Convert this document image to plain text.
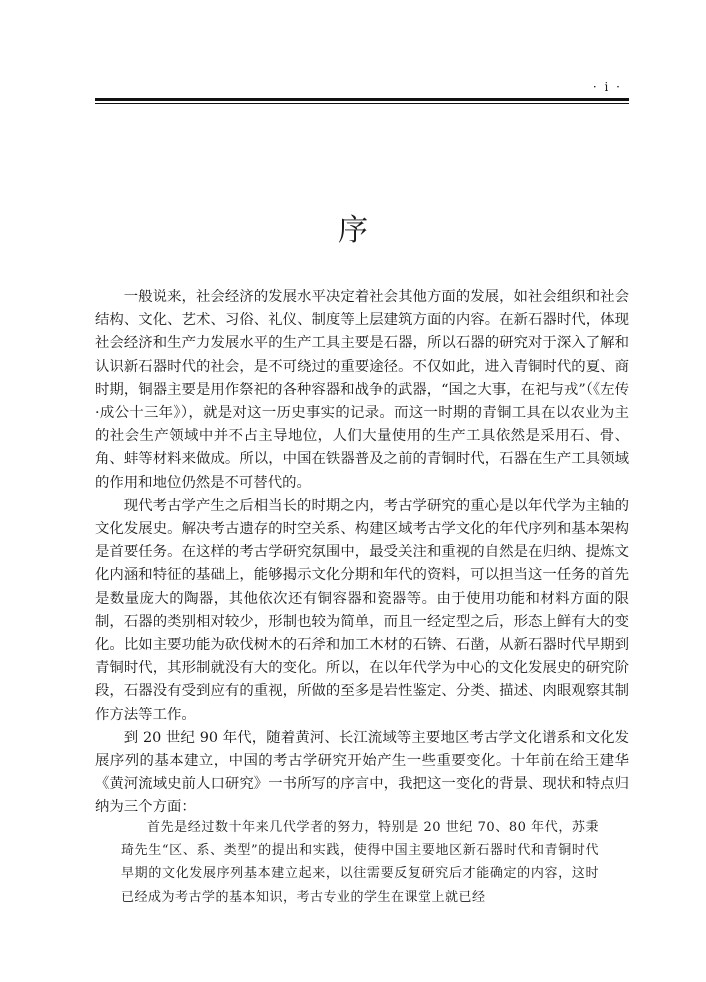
· i ·
序

一般说来，社会经济的发展水平决定着社会其他方面的发展，如社会组织和社会结构、文化、艺术、习俗、礼仪、制度等上层建筑方面的内容。在新石器时代，体现社会经济和生产力发展水平的生产工具主要是石器，所以石器的研究对于深入了解和认识新石器时代的社会，是不可绕过的重要途径。不仅如此，进入青铜时代的夏、商时期，铜器主要是用作祭祀的各种容器和战争的武器，“国之大事，在祀与戎”（《左传·成公十三年》），就是对这一历史事实的记录。而这一时期的青铜工具在以农业为主的社会生产领域中并不占主导地位，人们大量使用的生产工具依然是采用石、骨、角、蚌等材料来做成。所以，中国在铁器普及之前的青铜时代，石器在生产工具领域的作用和地位仍然是不可替代的。

现代考古学产生之后相当长的时期之内，考古学研究的重心是以年代学为主轴的文化发展史。解决考古遗存的时空关系、构建区域考古学文化的年代序列和基本架构是首要任务。在这样的考古学研究氛围中，最受关注和重视的自然是在归纳、提炼文化内涵和特征的基础上，能够揭示文化分期和年代的资料，可以担当这一任务的首先是数量庞大的陶器，其他依次还有铜容器和瓷器等。由于使用功能和材料方面的限制，石器的类别相对较少，形制也较为简单，而且一经定型之后，形态上鲜有大的变化。比如主要功能为砍伐树木的石斧和加工木材的石锛、石凿，从新石器时代早期到青铜时代，其形制就没有大的变化。所以，在以年代学为中心的文化发展史的研究阶段，石器没有受到应有的重视，所做的至多是岩性鉴定、分类、描述、肉眼观察其制作方法等工作。

到 20 世纪 90 年代，随着黄河、长江流域等主要地区考古学文化谱系和文化发展序列的基本建立，中国的考古学研究开始产生一些重要变化。十年前在给王建华《黄河流域史前人口研究》一书所写的序言中，我把这一变化的背景、现状和特点归纳为三个方面：

首先是经过数十年来几代学者的努力，特别是 20 世纪 70、80 年代，苏秉琦先生“区、系、类型”的提出和实践，使得中国主要地区新石器时代和青铜时代早期的文化发展序列基本建立起来，以往需要反复研究后才能确定的内容，这时已经成为考古学的基本知识，考古专业的学生在课堂上就已经
